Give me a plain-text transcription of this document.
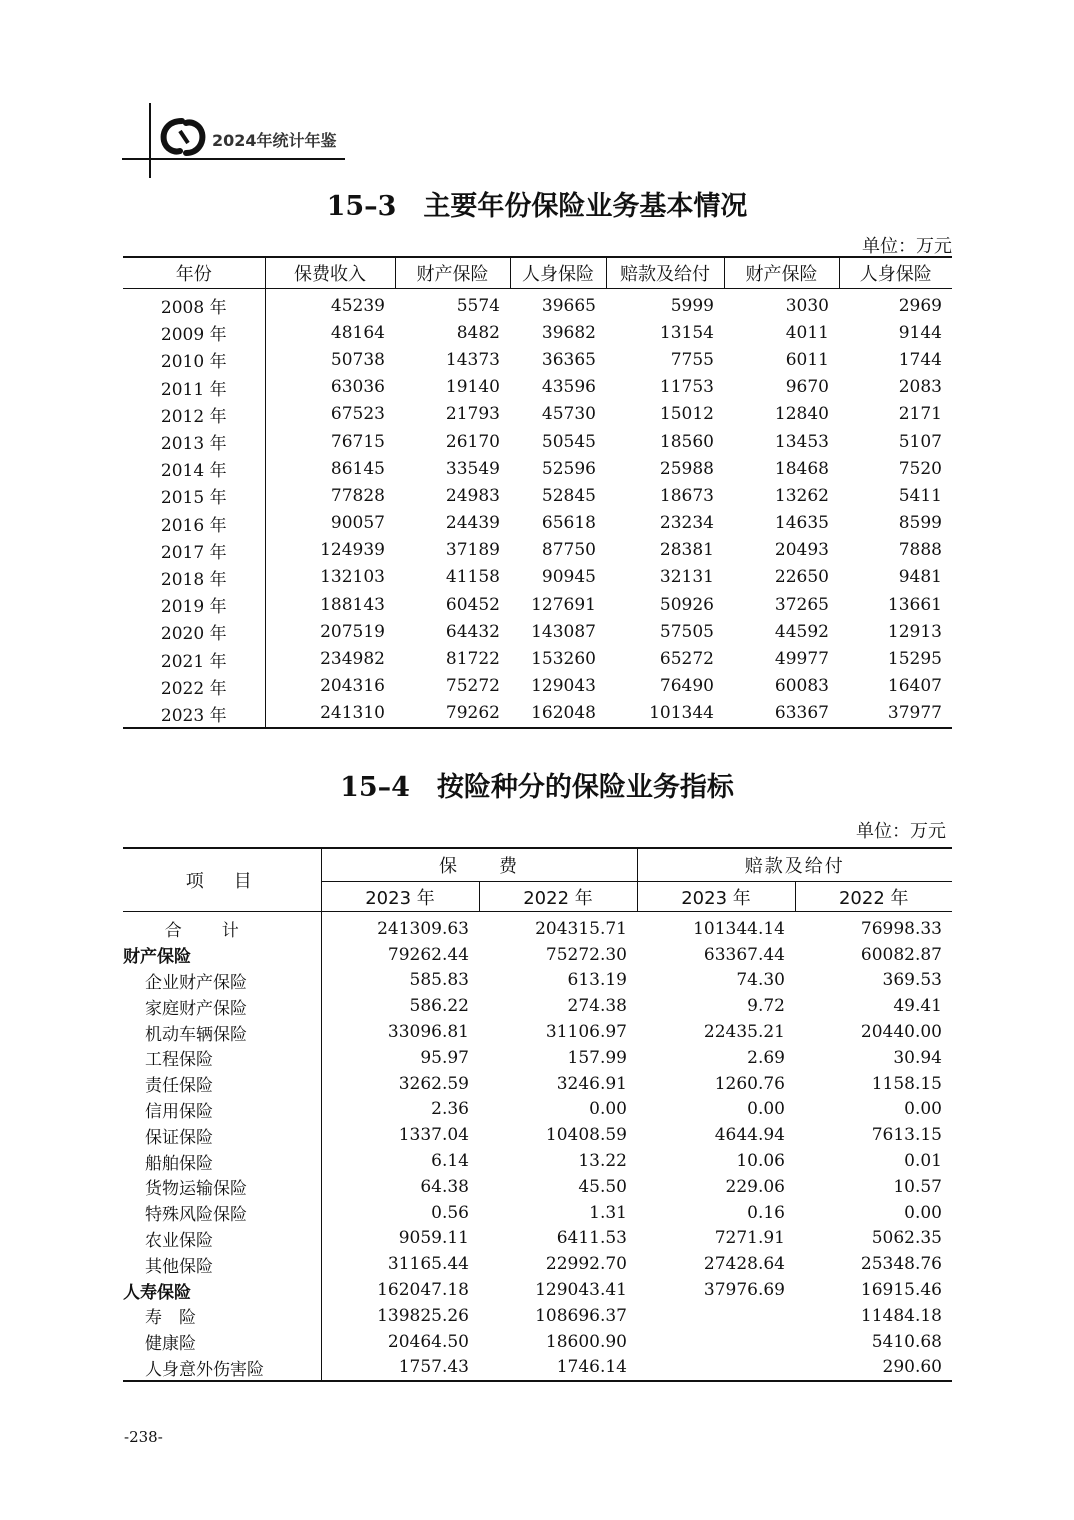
2024年统计年鉴
15–3　主要年份保险业务基本情况
单位：万元
年份	保费收入	财产保险	人身保险	赔款及给付	财产保险	人身保险
2008 年	45239	5574	39665	5999	3030	2969
2009 年	48164	8482	39682	13154	4011	9144
2010 年	50738	14373	36365	7755	6011	1744
2011 年	63036	19140	43596	11753	9670	2083
2012 年	67523	21793	45730	15012	12840	2171
2013 年	76715	26170	50545	18560	13453	5107
2014 年	86145	33549	52596	25988	18468	7520
2015 年	77828	24983	52845	18673	13262	5411
2016 年	90057	24439	65618	23234	14635	8599
2017 年	124939	37189	87750	28381	20493	7888
2018 年	132103	41158	90945	32131	22650	9481
2019 年	188143	60452	127691	50926	37265	13661
2020 年	207519	64432	143087	57505	44592	12913
2021 年	234982	81722	153260	65272	49977	15295
2022 年	204316	75272	129043	76490	60083	16407
2023 年	241310	79262	162048	101344	63367	37977
15–4　按险种分的保险业务指标
单位：万元
项　目	保　　费		赔款及给付	
	2023 年	2022 年	2023 年	2022 年
合计	241309.63	204315.71	101344.14	76998.33
财产保险	79262.44	75272.30	63367.44	60082.87
企业财产保险	585.83	613.19	74.30	369.53
家庭财产保险	586.22	274.38	9.72	49.41
机动车辆保险	33096.81	31106.97	22435.21	20440.00
工程保险	95.97	157.99	2.69	30.94
责任保险	3262.59	3246.91	1260.76	1158.15
信用保险	2.36	0.00	0.00	0.00
保证保险	1337.04	10408.59	4644.94	7613.15
船舶保险	6.14	13.22	10.06	0.01
货物运输保险	64.38	45.50	229.06	10.57
特殊风险保险	0.56	1.31	0.16	0.00
农业保险	9059.11	6411.53	7271.91	5062.35
其他保险	31165.44	22992.70	27428.64	25348.76
人寿保险	162047.18	129043.41	37976.69	16915.46
寿　险	139825.26	108696.37		11484.18
健康险	20464.50	18600.90		5410.68
人身意外伤害险	1757.43	1746.14		290.60
-238-
